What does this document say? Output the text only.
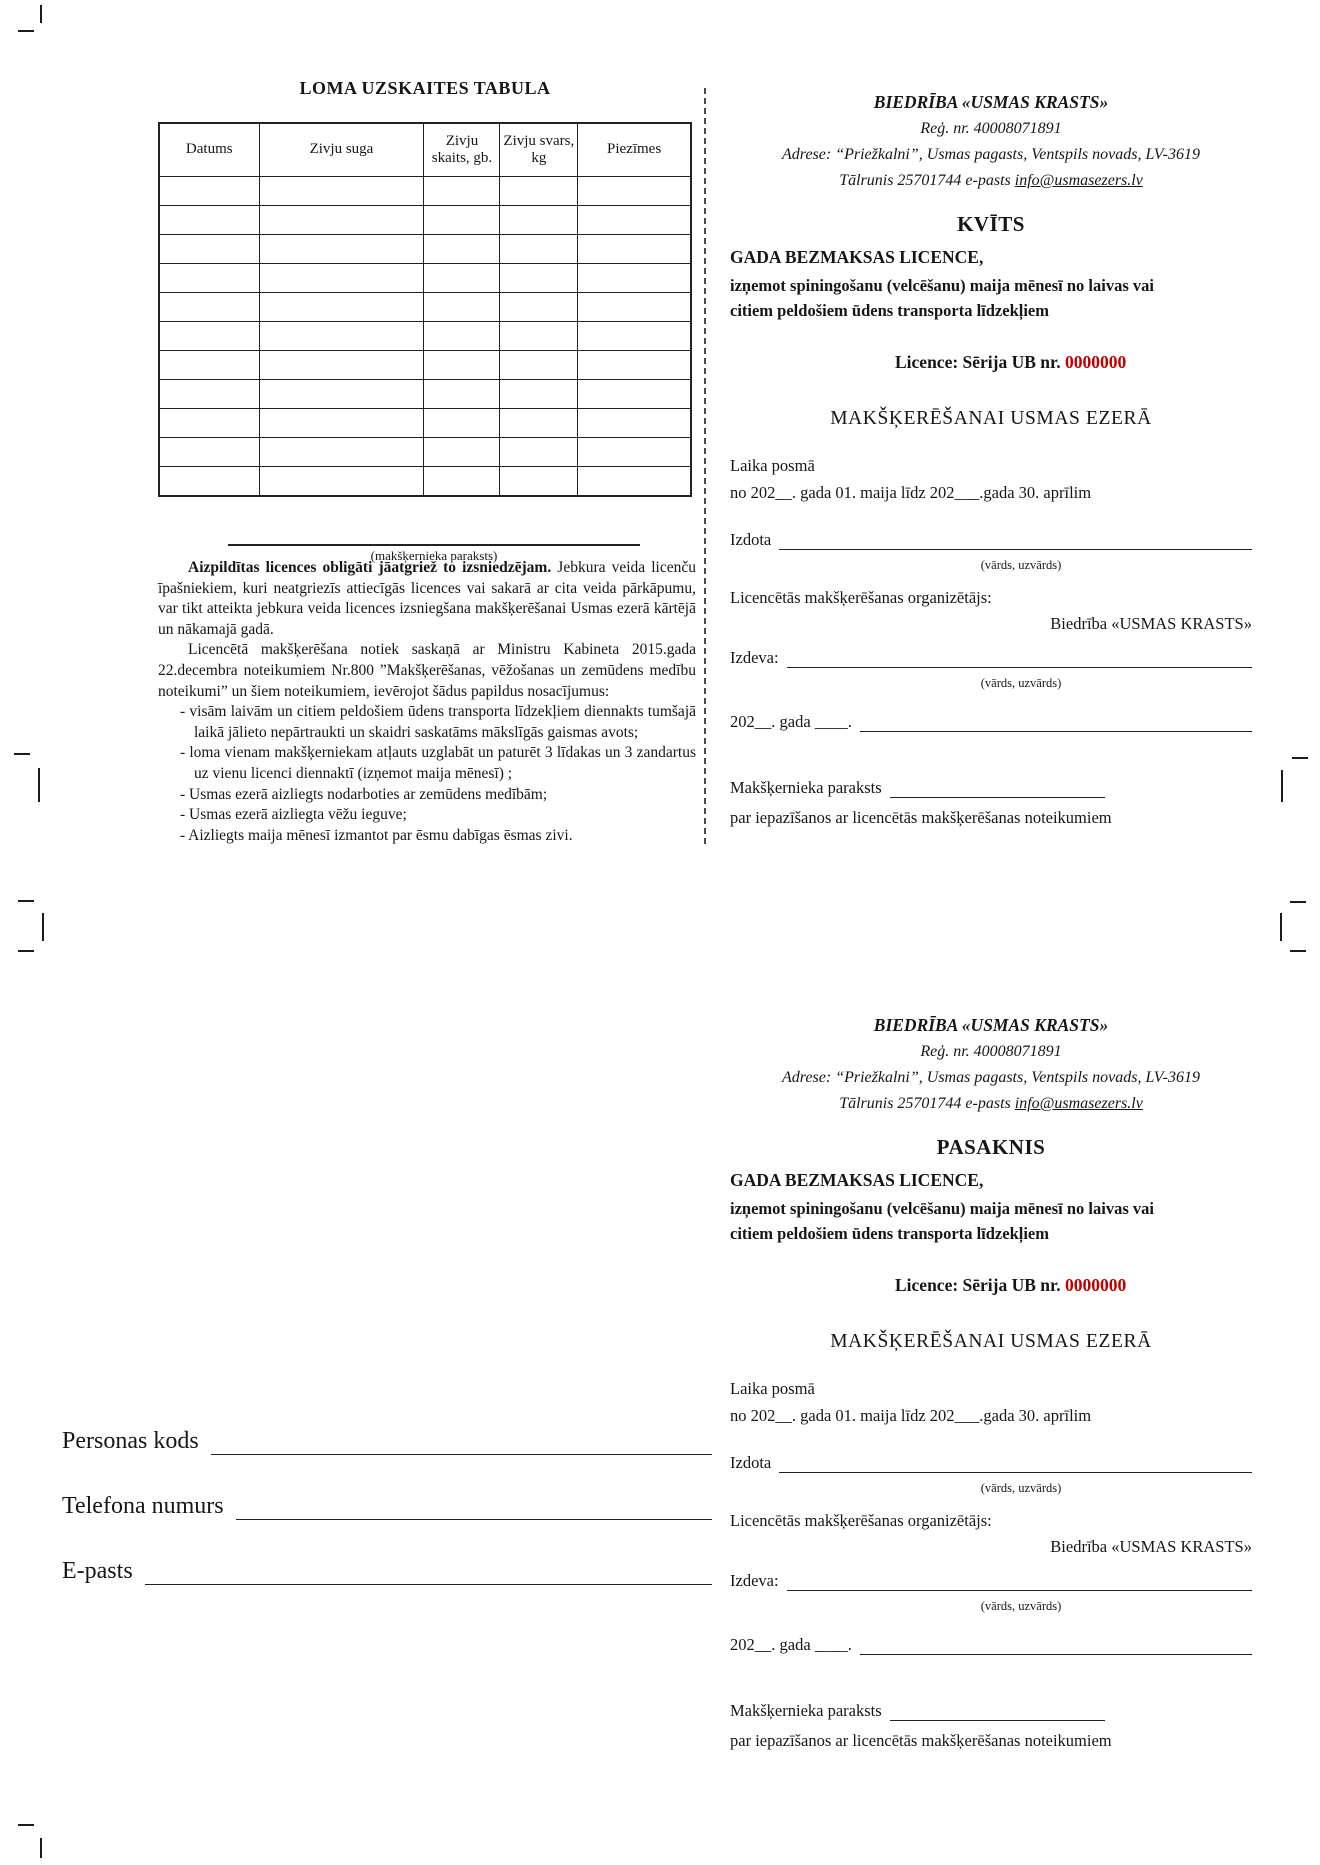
LOMA UZSKAITES TABULA
Datums	Zivju suga	Zivju skaits, gb.	Zivju svars, kg	Piezīmes

(makšķernieka paraksts)

Aizpildītas licences obligāti jāatgriež to izsniedzējam. Jebkura veida licenču īpašniekiem, kuri neatgriezīs attiecīgās licences vai sakarā ar cita veida pārkāpumu, var tikt atteikta jebkura veida licences izsniegšana makšķerēšanai Usmas ezerā kārtējā un nākamajā gadā.

Licencētā makšķerēšana notiek saskaņā ar Ministru Kabineta 2015.gada 22.decembra noteikumiem Nr.800 ”Makšķerēšanas, vēžošanas un zemūdens medību noteikumi” un šiem noteikumiem, ievērojot šādus papildus nosacījumus:

- visām laivām un citiem peldošiem ūdens transporta līdzekļiem diennakts tumšajā laikā jālieto nepārtraukti un skaidri saskatāms mākslīgās gaismas avots;
- loma vienam makšķerniekam atļauts uzglabāt un paturēt 3 līdakas un 3 zandartus uz vienu licenci diennaktī (izņemot maija mēnesī) ;
- Usmas ezerā aizliegts nodarboties ar zemūdens medībām;
- Usmas ezerā aizliegta vēžu ieguve;
- Aizliegts maija mēnesī izmantot par ēsmu dabīgas ēsmas zivi.
BIEDRĪBA «USMAS KRASTS»
Reģ. nr. 40008071891
Adrese: “Priežkalni”, Usmas pagasts, Ventspils novads, LV-3619
Tālrunis 25701744 e-pasts info@usmasezers.lv
KVĪTS
GADA BEZMAKSAS LICENCE,
izņemot spiningošanu (velcēšanu) maija mēnesī no laivas vai
citiem peldošiem ūdens transporta līdzekļiem
Licence: Sērija UB nr. 0000000
MAKŠĶERĒŠANAI USMAS EZERĀ
Laika posmā
no 202__. gada 01. maija līdz 202___.gada 30. aprīlim
Izdota
(vārds, uzvārds)
Licencētās makšķerēšanas organizētājs:
Biedrība «USMAS KRASTS»
Izdeva:
(vārds, uzvārds)
202__. gada ____.
Makšķernieka paraksts
par iepazīšanos ar licencētās makšķerēšanas noteikumiem
BIEDRĪBA «USMAS KRASTS»
Reģ. nr. 40008071891
Adrese: “Priežkalni”, Usmas pagasts, Ventspils novads, LV-3619
Tālrunis 25701744 e-pasts info@usmasezers.lv
PASAKNIS
GADA BEZMAKSAS LICENCE,
izņemot spiningošanu (velcēšanu) maija mēnesī no laivas vai
citiem peldošiem ūdens transporta līdzekļiem
Licence: Sērija UB nr. 0000000
MAKŠĶERĒŠANAI USMAS EZERĀ
Laika posmā
no 202__. gada 01. maija līdz 202___.gada 30. aprīlim
Izdota
(vārds, uzvārds)
Licencētās makšķerēšanas organizētājs:
Biedrība «USMAS KRASTS»
Izdeva:
(vārds, uzvārds)
202__. gada ____.
Makšķernieka paraksts
par iepazīšanos ar licencētās makšķerēšanas noteikumiem
Personas kods
Telefona numurs
E-pasts
